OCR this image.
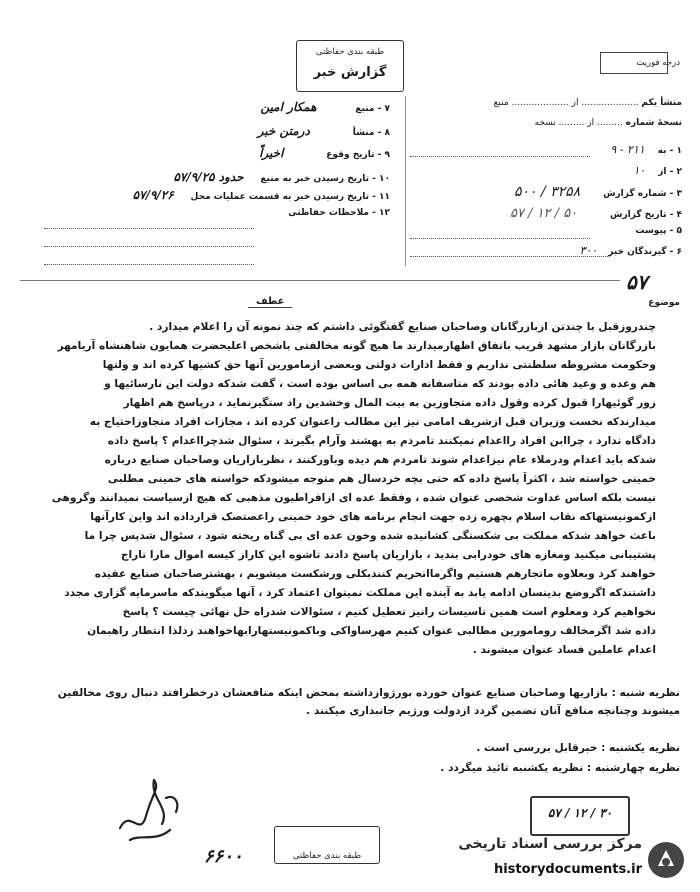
طبقه بندی حفاظتی
گزارش خبر
درجه فوریت
منشأ یکم .................... از .................... منبع
نسخهٔ شماره ......... از ......... نسخه
۱ - به ۲۱۱ - ۹
۲ - از ۱۰
۳ - شماره گزارش ۳۲۵۸ / ۵۰۰
۴ - تاریخ گزارش ۵۰ / ۱۲ / ۵۷
۵ - پیوست
۶ - گیرندگان خبر ۳۰۰
۷ - منبع همکار امین
۸ - منشأ درمتن خبر
۹ - تاریخ وقوع اخیراً
۱۰ - تاریخ رسیدن خبر به منبع حدود ۵۷/۹/۲۵
۱۱ - تاریخ رسیدن خبر به قسمت عملیات محل ۵۷/۹/۲۶
۱۲ - ملاحظات حفاظتی
۵۷
عطف	موضوع
چندروزقبل با چندتن ازبازرگانان وصاحبان صنایع گفتگوئی داشتم که چند نمونه آن را اعلام میدارد .
بازرگانان بازار مشهد قریب باتفاق اظهارمیدارند ما هیچ گونه مخالفتی باشخص اعلیحضرت همایون شاهنشاه آریامهر
وحکومت مشروطه سلطنتی نداریم و فقط ادارات دولتی وبعضی ازمامورین آنها حق کشیها کرده اند و ولتها
هم وعده و وعید هائی داده بودند که متاسفانه همه بی اساس بوده است ، گفت شدکه دولت این نارسائیها و
زور گوئیهارا قبول کرده وقول داده متجاوزین به بیت المال وخشدین راد ستگیرنماید ، درپاسخ هم اظهار
میدارندکه نخست وزیران قبل ازشریف امامی نیز این مطالب راعنوان کرده اند ، مجازات افراد متجاوزاحتیاج به
دادگاه ندارد ، چراابن افراد رااعدام نمیکنند تامردم به بهشند وآرام بگیرند ، سئوال شدچرااعدام ؟ پاسخ داده
شدکه باید اعدام ودرملاء عام نیزاعدام شوند تامردم هم دیده وباورکنند ، نظربازاریان وصاحبان صنایع درباره
خمینی خواسته شد ، اکثراً پاسخ داده که حتی بچه خردسال هم متوجه میشودکه خواسته های خمینی مطلبی
نیست بلکه اساس عداوت شخصی عنوان شده ، وفقط عده ای ازافراطیون مذهبی که هیچ ازسیاست نمیدانند وگروهی
ازکمونیستهاکه نقاب اسلام بچهره زده جهت انجام برنامه های خود خمینی راعصتصک قرارداده اند واین کارآنها
باعث خواهد شدکه مملکت بی شکستگی کشانیده شده وخون عده ای بی گناه ریخته شود ، سئوال شدپس چرا ما
پشتیبانی میکنید ومغازه های خودرابی بندید ، بازاریان پاسخ دادند تاشوه این کاراز کیسه اموال مارا تاراج
خواهند کرد وبعلاوه ماتجارهم هستیم واگرمااتحریم کنندبکلی ورشکست میشویم ، بهشترصاحبان صنایع عقیده
داشتندکه اگروضع بدینسان ادامه یابد به آینده این مملکت نمیتوان اعتماد کرد ، آنها میگویندکه ماسرمایه گزاری مجدد
نخواهیم کرد ومعلوم است همین تاسیسات رانیز تعطیل کنیم ، سئوالات شدراه حل نهائی چیست ؟ پاسخ
داده شد اگرمخالف رومامورین مطالبی عنوان کنیم مهرساواکی وباکمونیستهارابهاخواهند زدلذا انتطار راهبمان
اعدام عاملین فساد عنوان میشوند .
نظریه شنبه : بازاریها وصاحبان صنایع عنوان خورده بورژوازداشته بمحض اینکه منافعشان درخطرافتد دنبال روی مخالفین میشوند وچنانچه منافع آنان تضمین گردد ازدولت ورژیم جانبداری میکنند .
نظریه یکشنبه : خبرقابل بررسی است .
نظریه چهارشنبه : نظریه یکشنبه تائید میگردد .
۳۰ / ۱۲ / ۵۷
۶۶۰۰	طبقه بندی حفاظتی
مرکز بررسی اسناد تاریخی
historydocuments.ir
